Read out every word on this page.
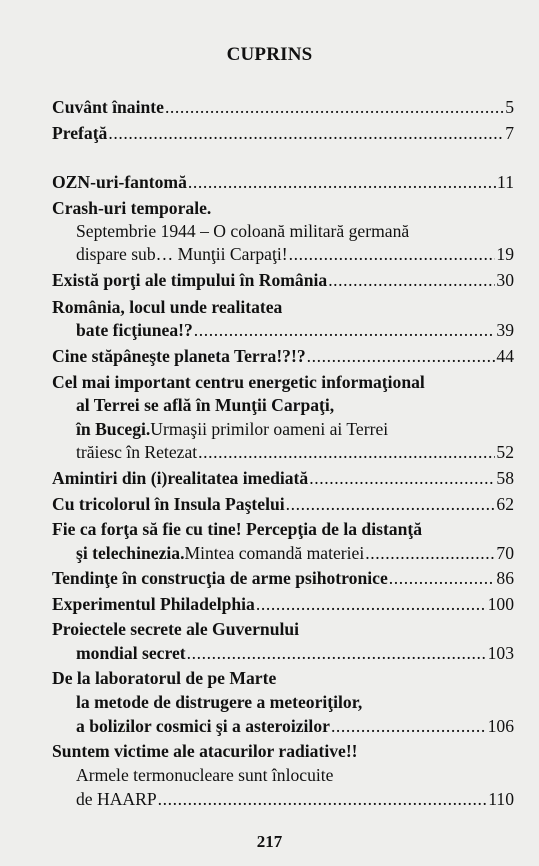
CUPRINS
Cuvânt înainte .....	5
Prefaţă .....	7
OZN-uri-fantomă .....	11
Crash-uri temporale.
Septembrie 1944 – O coloană militară germană
dispare sub… Munţii Carpaţi! .....	19
Există porţi ale timpului în România .....	30
România, locul unde realitatea
bate ficţiunea!? .....	39
Cine stăpâneşte planeta Terra!?!? .....	44
Cel mai important centru energetic informaţional
al Terrei se află în Munţii Carpaţi,
în Bucegi. Urmaşii primilor oameni ai Terrei
trăiesc în Retezat .....	52
Amintiri din (i)realitatea imediată .....	58
Cu tricolorul în Insula Paştelui .....	62
Fie ca forţa să fie cu tine! Percepţia de la distanţă
şi telechinezia. Mintea comandă materiei .....	70
Tendinţe în construcţia de arme psihotronice .....	86
Experimentul Philadelphia .....	100
Proiectele secrete ale Guvernului
mondial secret .....	103
De la laboratorul de pe Marte
la metode de distrugere a meteoriţilor,
a bolizilor cosmici şi a asteroizilor .....	106
Suntem victime ale atacurilor radiative!!
Armele termonucleare sunt înlocuite
de HAARP .....	110
217
